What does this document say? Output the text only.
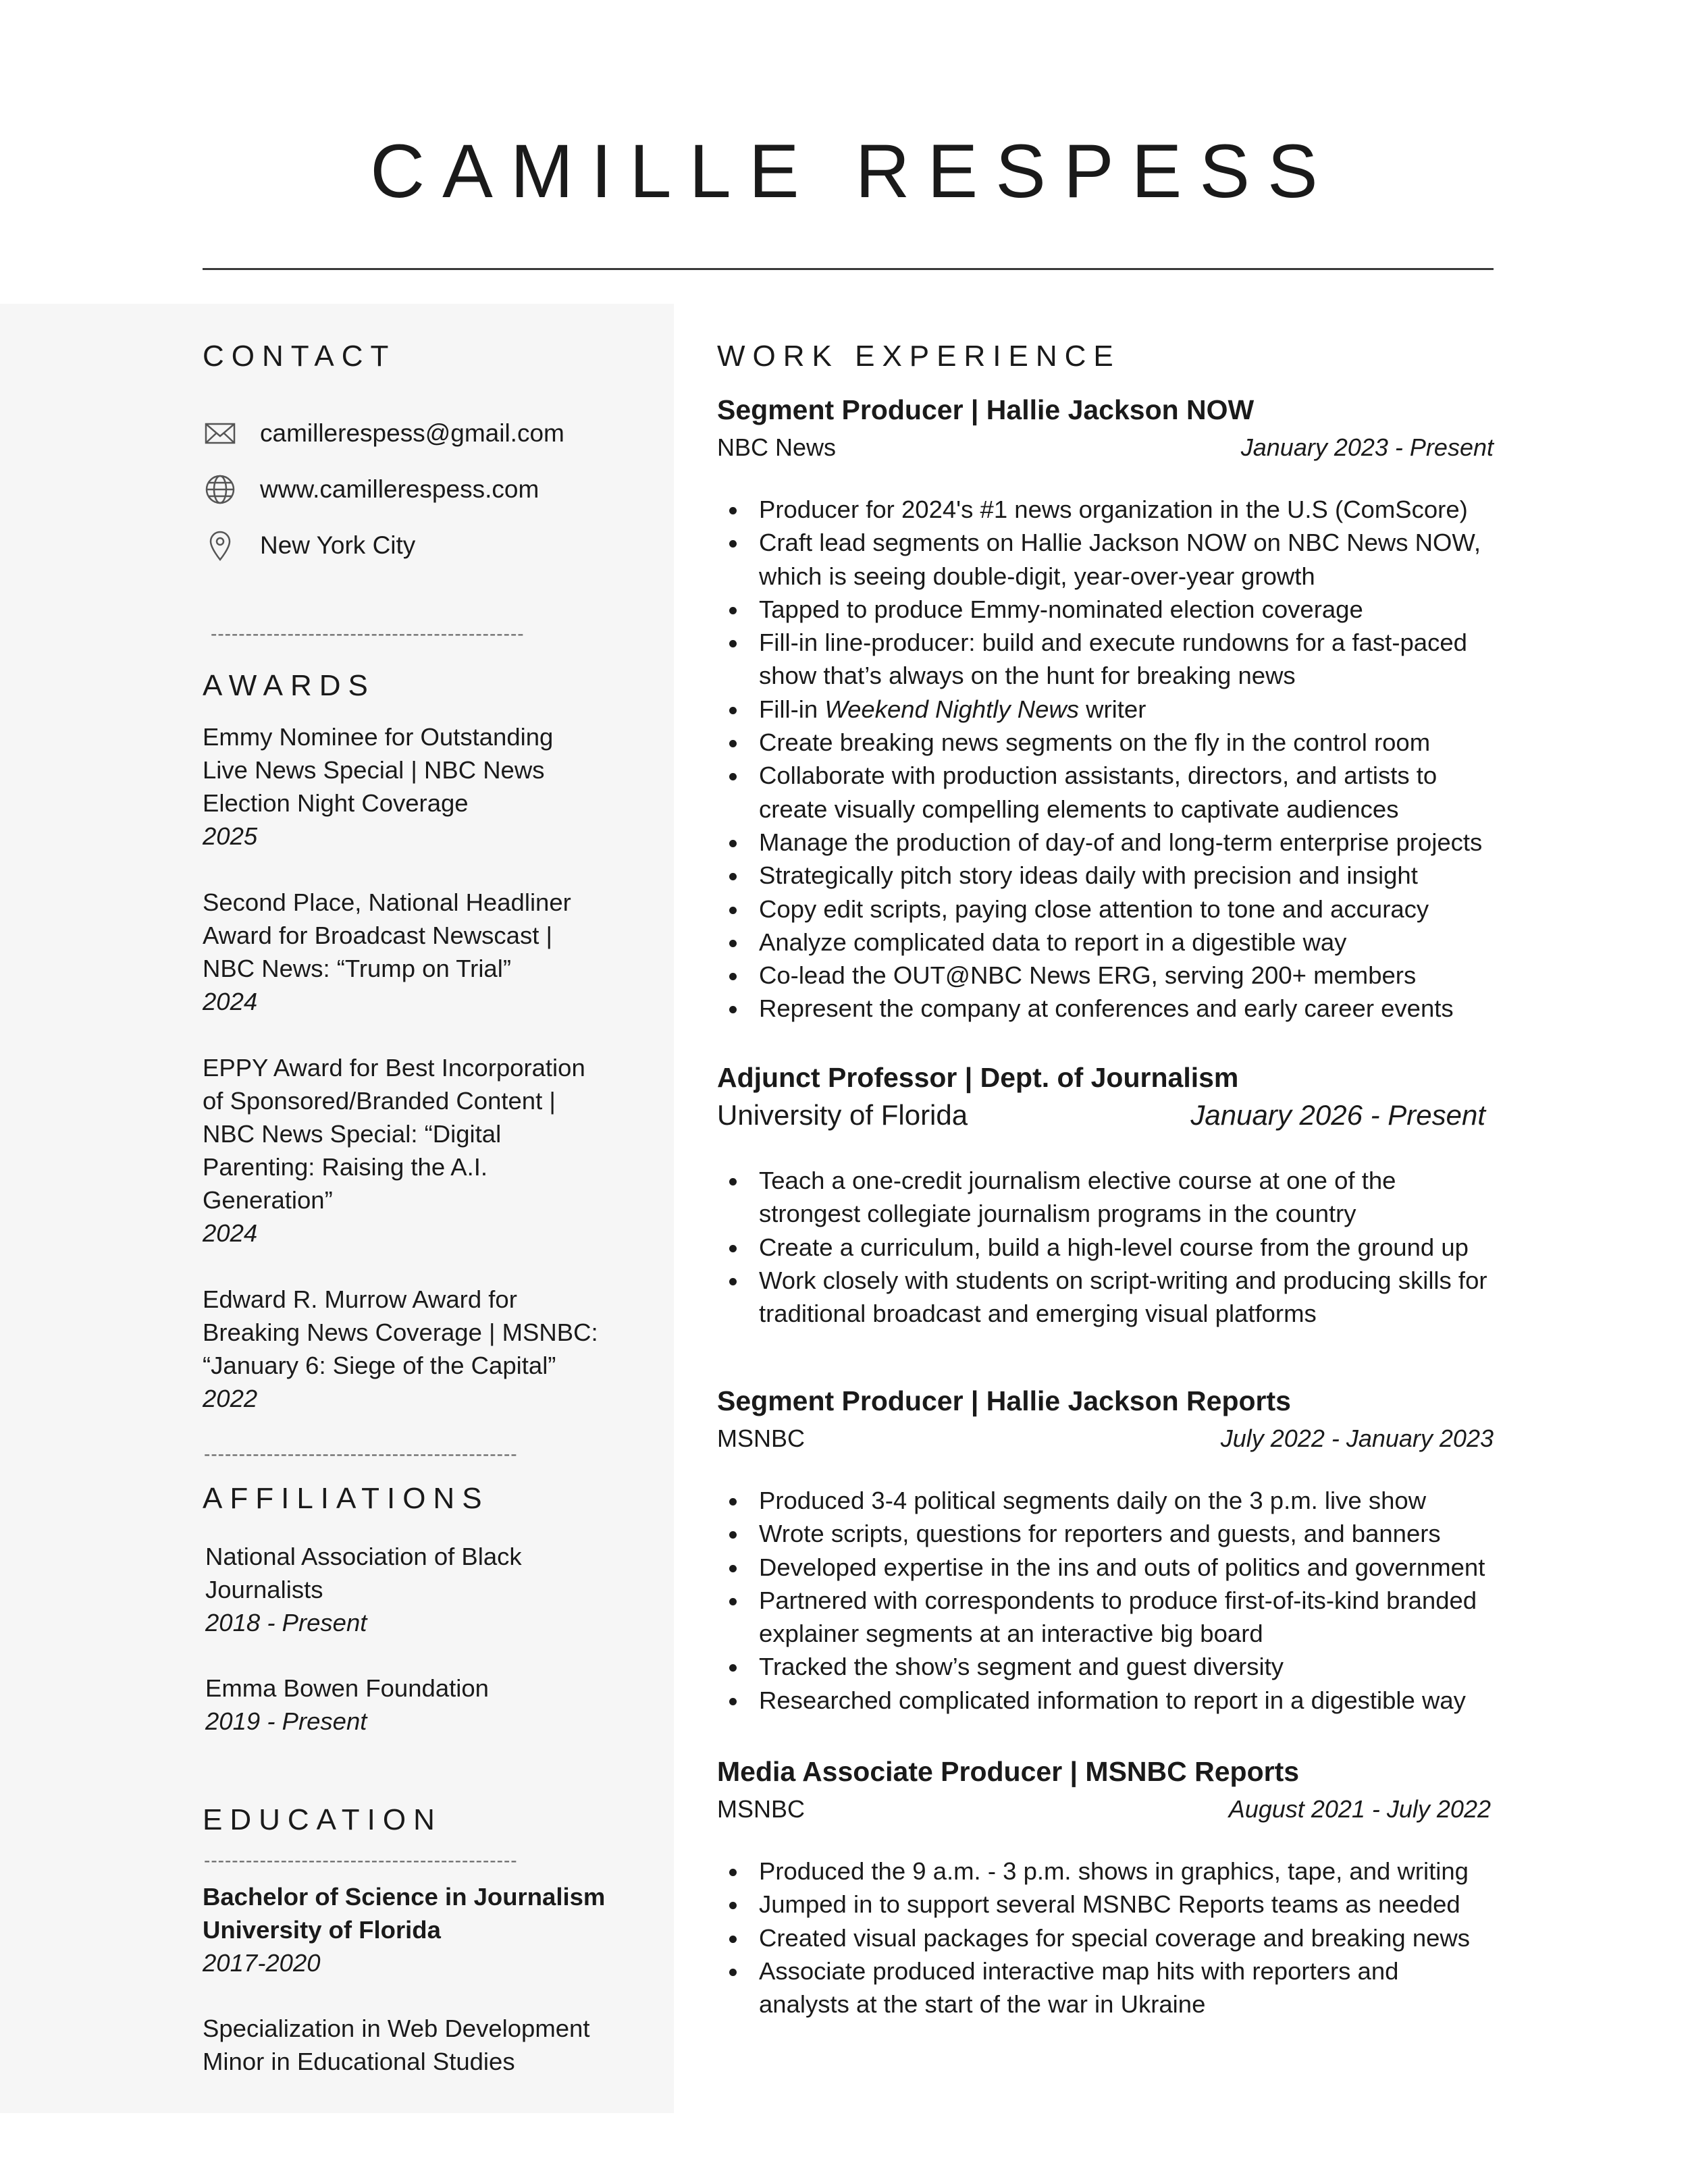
CAMILLE RESPESS
CONTACT
camillerespess@gmail.com
www.camillerespess.com
New York City
---------------------------------------------
AWARDS
Emmy Nominee for Outstanding
Live News Special | NBC News
Election Night Coverage
2025
Second Place, National Headliner
Award for Broadcast Newscast |
NBC News: “Trump on Trial”
2024
EPPY Award for Best Incorporation
of Sponsored/Branded Content |
NBC News Special: “Digital
Parenting: Raising the A.I.
Generation”
2024
Edward R. Murrow Award for
Breaking News Coverage | MSNBC:
“January 6: Siege of the Capital”
2022
---------------------------------------------
AFFILIATIONS
National Association of Black
Journalists
2018 - Present
Emma Bowen Foundation
2019 - Present
EDUCATION
---------------------------------------------
Bachelor of Science in Journalism
University of Florida
2017-2020
Specialization in Web Development
Minor in Educational Studies
WORK EXPERIENCE
Segment Producer | Hallie Jackson NOW
NBC News	January 2023 - Present
Producer for 2024's #1 news organization in the U.S (ComScore)
Craft lead segments on Hallie Jackson NOW on NBC News NOW, which is seeing double-digit, year-over-year growth
Tapped to produce Emmy-nominated election coverage
Fill-in line-producer: build and execute rundowns for a fast-paced show that’s always on the hunt for breaking news
Fill-in Weekend Nightly News writer
Create breaking news segments on the fly in the control room
Collaborate with production assistants, directors, and artists to create visually compelling elements to captivate audiences
Manage the production of day-of and long-term enterprise projects
Strategically pitch story ideas daily with precision and insight
Copy edit scripts, paying close attention to tone and accuracy
Analyze complicated data to report in a digestible way
Co-lead the OUT@NBC News ERG, serving 200+ members
Represent the company at conferences and early career events
Adjunct Professor | Dept. of Journalism
University of Florida	January 2026 - Present
Teach a one-credit journalism elective course at one of the strongest collegiate journalism programs in the country
Create a curriculum, build a high-level course from the ground up
Work closely with students on script-writing and producing skills for traditional broadcast and emerging visual platforms
Segment Producer | Hallie Jackson Reports
MSNBC	July 2022 - January 2023
Produced 3-4 political segments daily on the 3 p.m. live show
Wrote scripts, questions for reporters and guests, and banners
Developed expertise in the ins and outs of politics and government
Partnered with correspondents to produce first-of-its-kind branded explainer segments at an interactive big board
Tracked the show’s segment and guest diversity
Researched complicated information to report in a digestible way
Media Associate Producer | MSNBC Reports
MSNBC	August 2021 - July 2022
Produced the 9 a.m. - 3 p.m. shows in graphics, tape, and writing
Jumped in to support several MSNBC Reports teams as needed
Created visual packages for special coverage and breaking news
Associate produced interactive map hits with reporters and analysts at the start of the war in Ukraine
